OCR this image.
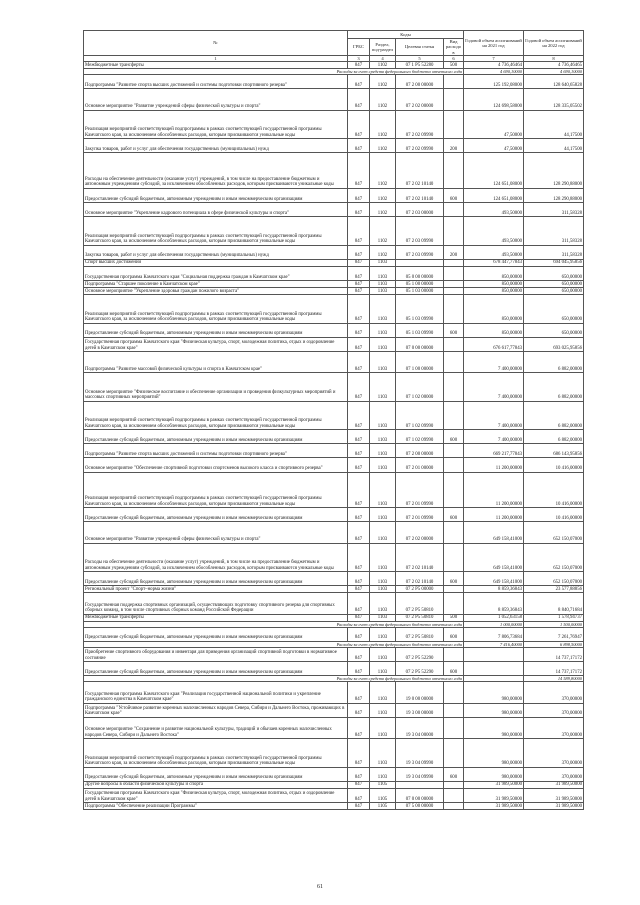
№	Коды				Годовой объем ассигнований на 2021 год	Годовой объем ассигнований на 2022 год
	ГРБС	Раздел, под-раздел	Целевая статья	Вид расходов		
1	3	4	5	6	7	8
Межбюджетные трансферты	847	1102	07 1 Р5 52280	500	4 736,46464	4 736,46465
Расходы за счет средств федерального бюджета отчетного года					4 690,10000	4 690,10000
Подпрограмма "Развитие спорта высших достижений и системы подготовки спортивного резерва"	847	1102	07 2 00 00000		125 192,08000	128 640,65828
Основное мероприятие "Развитие учреждений сферы физической культуры и спорта"	847	1102	07 2 02 00000		124 698,58000	128 335,05502
Реализация мероприятий соответствующей подпрограммы в рамках соответствующей государственной программы Камчатского края, за исключением обособленных расходов, которым присваиваются уникальные коды	847	1102	07 2 02 09990		47,50000	44,17500
Закупка товаров, работ и услуг для обеспечения государственных (муниципальных) нужд	847	1102	07 2 02 09990	200	47,50000	44,17500
Расходы на обеспечение деятельности (оказание услуг) учреждений, в том числе на предоставление бюджетным и автономным учреждениям субсидий, за исключением обособленных расходов, которым присваиваются уникальные коды	847	1102	07 2 02 10140		124 651,08000	128 290,88000
Предоставление субсидий бюджетным, автономным учреждениям и иным некоммерческим организациям	847	1102	07 2 02 10140	600	124 651,08000	128 290,88000
Основное мероприятие "Укрепление кадрового потенциала в сфере физической культуры и спорта"	847	1102	07 2 03 00000		493,50000	311,58328
Реализация мероприятий соответствующей подпрограммы в рамках соответствующей государственной программы Камчатского края, за исключением обособленных расходов, которым присваиваются уникальные коды	847	1102	07 2 03 09990		493,50000	311,58328
Закупка товаров, работ и услуг для обеспечения государственных (муниципальных) нужд	847	1102	07 2 03 09990	200	493,50000	311,58328
Спорт высших достижений	847	1103			678 447,77843	694 045,95856
Государственная программа Камчатского края "Социальная поддержка граждан в Камчатском крае"	847	1103	05 0 00 00000		850,00000	650,00000
Подпрограмма "Старшее поколение в Камчатском крае"	847	1103	05 1 00 00000		850,00000	650,00000
Основное мероприятие "Укрепление здоровья граждан пожилого возраста"	847	1103	05 1 03 00000		850,00000	650,00000
Реализация мероприятий соответствующей подпрограммы в рамках соответствующей государственной программы Камчатского края, за исключением обособленных расходов, которым присваиваются уникальные коды	847	1103	05 1 03 09990		850,00000	650,00000
Предоставление субсидий бюджетным, автономным учреждениям и иным некоммерческим организациям	847	1103	05 1 03 09990	600	850,00000	650,00000
Государственная программа Камчатского края "Физическая культура, спорт, молодежная политика, отдых и оздоровление детей в Камчатском крае"	847	1103	07 0 00 00000		676 617,77843	693 025,95856
Подпрограмма "Развитие массовой физической культуры и спорта в Камчатском крае"	847	1103	07 1 00 00000		7 400,00000	6 882,00000
Основное мероприятие "Физическое воспитание и обеспечение организации и проведения физкультурных мероприятий и массовых спортивных мероприятий"	847	1103	07 1 02 00000		7 400,00000	6 882,00000
Реализация мероприятий соответствующей подпрограммы в рамках соответствующей государственной программы Камчатского края, за исключением обособленных расходов, которым присваиваются уникальные коды	847	1103	07 1 02 09990		7 400,00000	6 882,00000
Предоставление субсидий бюджетным, автономным учреждениям и иным некоммерческим организациям	847	1103	07 1 02 09990	600	7 400,00000	6 882,00000
Подпрограмма "Развитие спорта высших достижений и системы подготовки спортивного резерва"	847	1103	07 2 00 00000		669 217,77843	686 143,95856
Основное мероприятие "Обеспечение спортивной подготовки спортсменов высокого класса и спортивного резерва"	847	1103	07 2 01 00000		11 200,00000	10 416,00000
Реализация мероприятий соответствующей подпрограммы в рамках соответствующей государственной программы Камчатского края, за исключением обособленных расходов, которым присваиваются уникальные коды	847	1103	07 2 01 09990		11 200,00000	10 416,00000
Предоставление субсидий бюджетным, автономным учреждениям и иным некоммерческим организациям	847	1103	07 2 01 09990	600	11 200,00000	10 416,00000
Основное мероприятие "Развитие учреждений сферы физической культуры и спорта"	847	1103	07 2 02 00000		649 158,41000	652 150,07000
Расходы на обеспечение деятельности (оказание услуг) учреждений, в том числе на предоставление бюджетным и автономным учреждениям субсидий, за исключением обособленных расходов, которым присваиваются уникальные коды	847	1103	07 2 02 10140		649 158,41000	652 150,07000
Предоставление субсидий бюджетным, автономным учреждениям и иным некоммерческим организациям	847	1103	07 2 02 10140	600	649 158,41000	652 150,07000
Региональный проект "Спорт–норма жизни"	847	1103	07 2 Р5 00000		8 859,36843	23 577,88856
Государственная поддержка спортивных организаций, осуществляющих подготовку спортивного резерва для спортивных сборных команд, в том числе спортивных сборных команд Российской Федерации	847	1103	07 2 Р5 50810		8 859,36843	8 840,71684
Межбюджетные трансферты	847	1103	07 2 Р5 50810	500	1 052,63158	1 578,94737
Расходы за счет средств федерального бюджета отчетного года					1 000,00000	1 500,00000
Предоставление субсидий бюджетным, автономным учреждениям и иным некоммерческим организациям	847	1103	07 2 Р5 50810	600	7 806,73684	7 261,76947
Расходы за счет средств федерального бюджета отчетного года					7 416,40000	6 898,50000
Приобретение спортивного оборудования и инвентаря для приведения организаций спортивной подготовки в нормативное состояние	847	1103	07 2 Р5 52290			14 737,17172
Предоставление субсидий бюджетным, автономным учреждениям и иным некоммерческим организациям	847	1103	07 2 Р5 52290	600		14 737,17172
Расходы за счет средств федерального бюджета отчетного года						14 589,80000
Государственная программа Камчатского края "Реализация государственной национальной политики и укрепление гражданского единства в Камчатском крае"	847	1103	19 0 00 00000		980,00000	370,00000
Подпрограмма "Устойчивое развитие коренных малочисленных народов Севера, Сибири и Дальнего Востока, проживающих в Камчатском крае"	847	1103	19 3 00 00000		980,00000	370,00000
Основное мероприятие "Сохранение и развитие национальной культуры, традиций и обычаев коренных малочисленных народов Севера, Сибири и Дальнего Востока"	847	1103	19 3 04 00000		980,00000	370,00000
Реализация мероприятий соответствующей подпрограммы в рамках соответствующей государственной программы Камчатского края, за исключением обособленных расходов, которым присваиваются уникальные коды	847	1103	19 3 04 09990		980,00000	370,00000
Предоставление субсидий бюджетным, автономным учреждениям и иным некоммерческим организациям	847	1103	19 3 04 09990	600	980,00000	370,00000
Другие вопросы в области физической культуры и спорта	847	1105			31 989,50000	31 989,50000
Государственная программа Камчатского края "Физическая культура, спорт, молодежная политика, отдых и оздоровление детей в Камчатском крае"	847	1105	07 0 00 00000		31 989,50000	31 989,50000
Подпрограмма "Обеспечение реализации Программы"	847	1105	07 5 00 00000		31 989,50000	31 989,50000
61
